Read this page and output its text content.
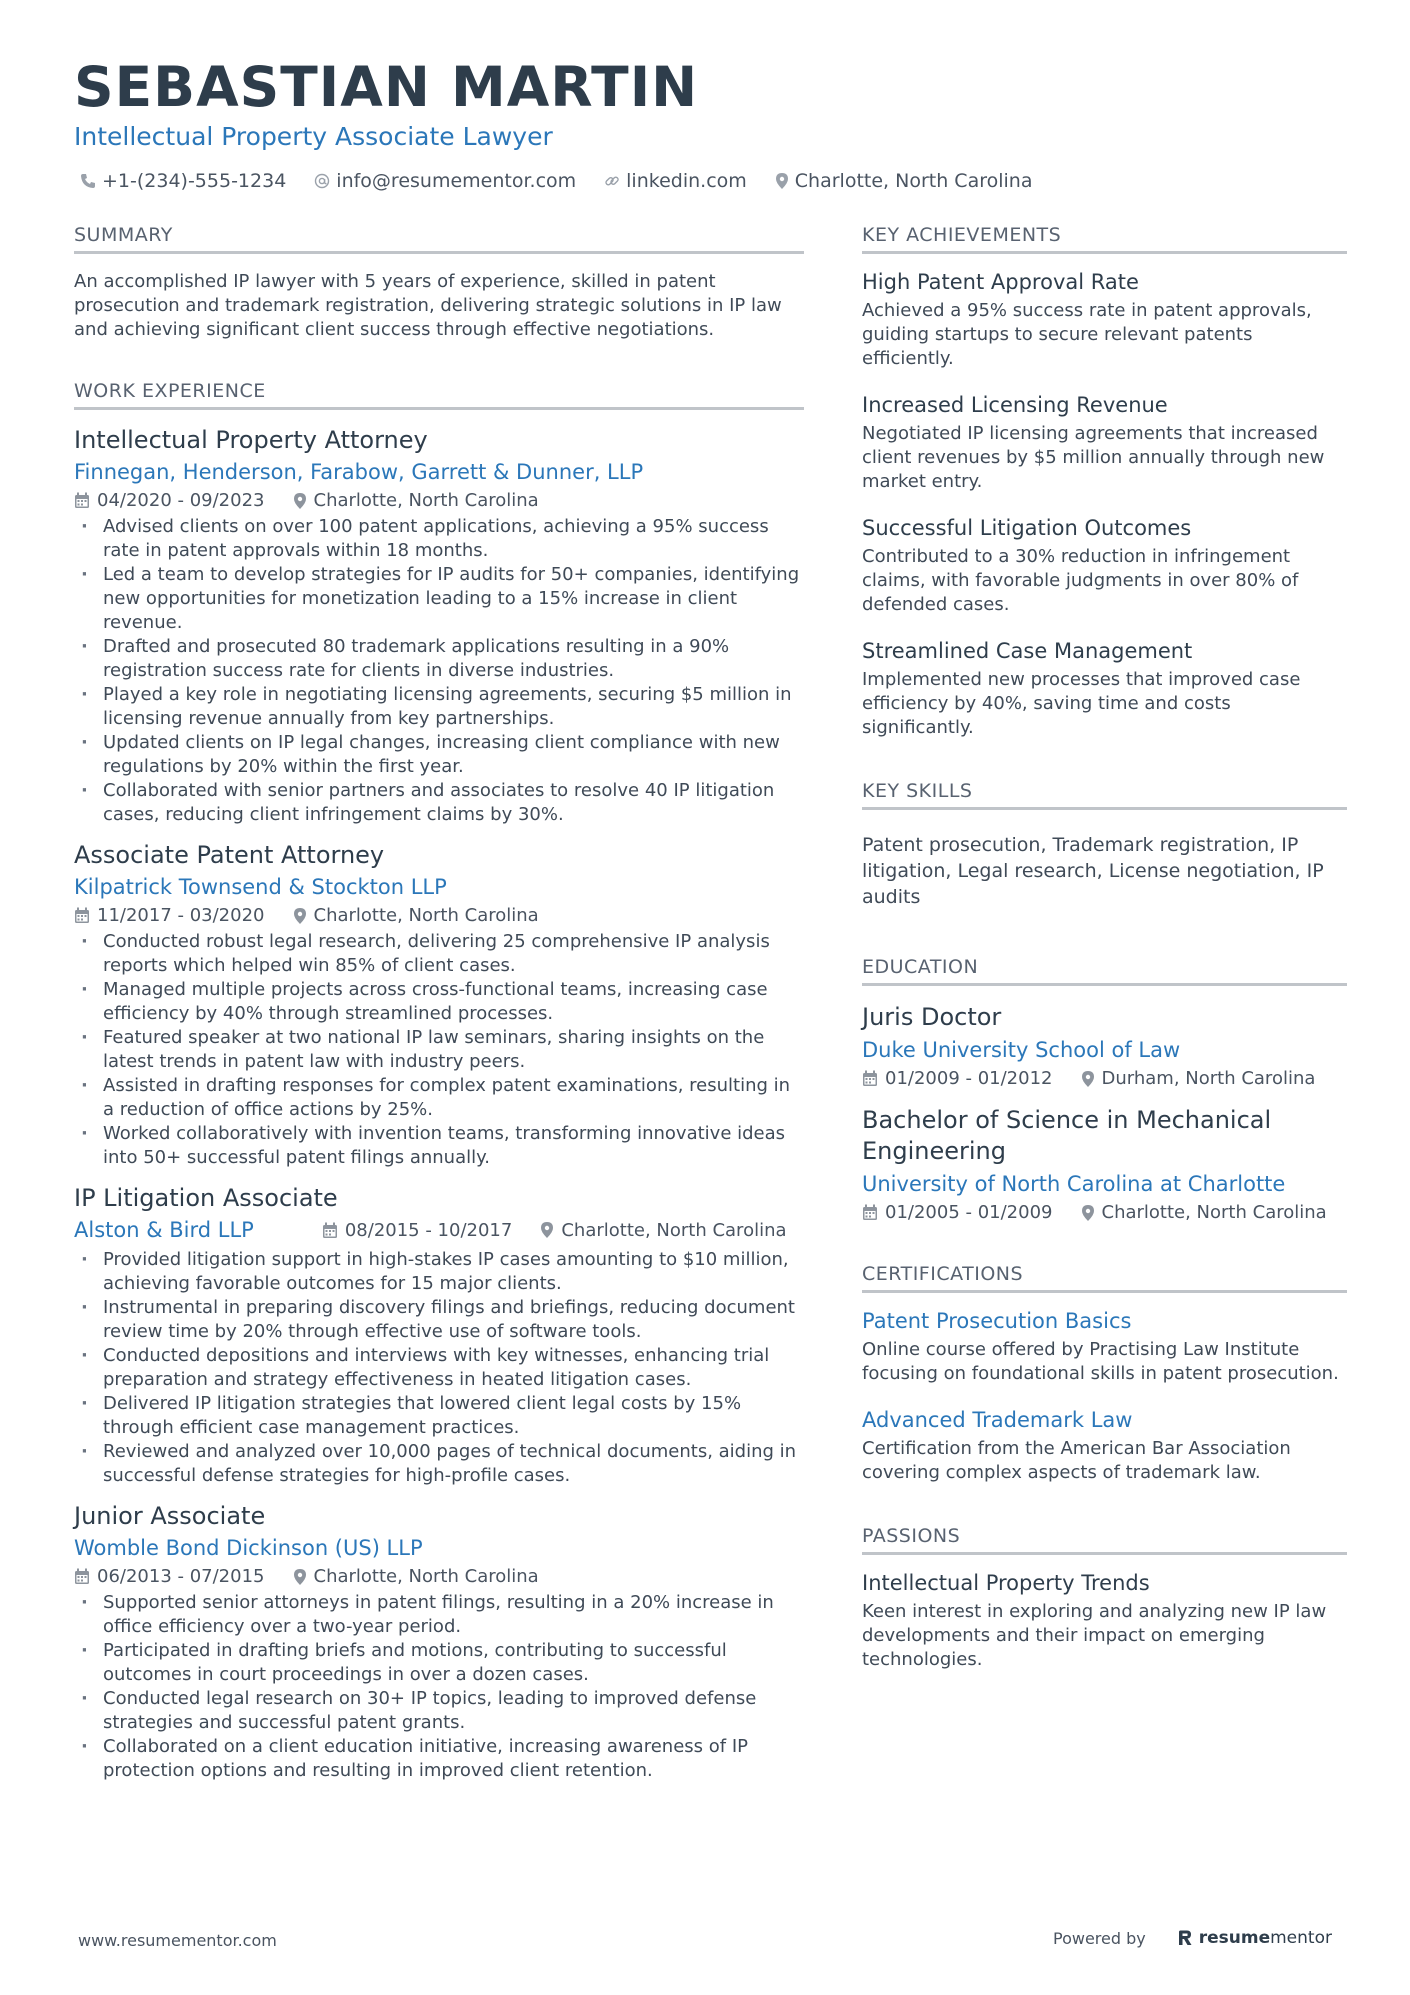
SEBASTIAN MARTIN
Intellectual Property Associate Lawyer
+1-(234)-555-1234	info@resumementor.com	linkedin.com	Charlotte, North Carolina
SUMMARY
An accomplished IP lawyer with 5 years of experience, skilled in patent prosecution and trademark registration, delivering strategic solutions in IP law and achieving significant client success through effective negotiations.
WORK EXPERIENCE
Intellectual Property Attorney
Finnegan, Henderson, Farabow, Garrett & Dunner, LLP
04/2020 - 09/2023	Charlotte, North Carolina
· Advised clients on over 100 patent applications, achieving a 95% success rate in patent approvals within 18 months.
· Led a team to develop strategies for IP audits for 50+ companies, identifying new opportunities for monetization leading to a 15% increase in client revenue.
· Drafted and prosecuted 80 trademark applications resulting in a 90% registration success rate for clients in diverse industries.
· Played a key role in negotiating licensing agreements, securing $5 million in licensing revenue annually from key partnerships.
· Updated clients on IP legal changes, increasing client compliance with new regulations by 20% within the first year.
· Collaborated with senior partners and associates to resolve 40 IP litigation cases, reducing client infringement claims by 30%.
Associate Patent Attorney
Kilpatrick Townsend & Stockton LLP
11/2017 - 03/2020	Charlotte, North Carolina
· Conducted robust legal research, delivering 25 comprehensive IP analysis reports which helped win 85% of client cases.
· Managed multiple projects across cross-functional teams, increasing case efficiency by 40% through streamlined processes.
· Featured speaker at two national IP law seminars, sharing insights on the latest trends in patent law with industry peers.
· Assisted in drafting responses for complex patent examinations, resulting in a reduction of office actions by 25%.
· Worked collaboratively with invention teams, transforming innovative ideas into 50+ successful patent filings annually.
IP Litigation Associate
Alston & Bird LLP	08/2015 - 10/2017	Charlotte, North Carolina
· Provided litigation support in high-stakes IP cases amounting to $10 million, achieving favorable outcomes for 15 major clients.
· Instrumental in preparing discovery filings and briefings, reducing document review time by 20% through effective use of software tools.
· Conducted depositions and interviews with key witnesses, enhancing trial preparation and strategy effectiveness in heated litigation cases.
· Delivered IP litigation strategies that lowered client legal costs by 15% through efficient case management practices.
· Reviewed and analyzed over 10,000 pages of technical documents, aiding in successful defense strategies for high-profile cases.
Junior Associate
Womble Bond Dickinson (US) LLP
06/2013 - 07/2015	Charlotte, North Carolina
· Supported senior attorneys in patent filings, resulting in a 20% increase in office efficiency over a two-year period.
· Participated in drafting briefs and motions, contributing to successful outcomes in court proceedings in over a dozen cases.
· Conducted legal research on 30+ IP topics, leading to improved defense strategies and successful patent grants.
· Collaborated on a client education initiative, increasing awareness of IP protection options and resulting in improved client retention.
KEY ACHIEVEMENTS
High Patent Approval Rate
Achieved a 95% success rate in patent approvals, guiding startups to secure relevant patents efficiently.
Increased Licensing Revenue
Negotiated IP licensing agreements that increased client revenues by $5 million annually through new market entry.
Successful Litigation Outcomes
Contributed to a 30% reduction in infringement claims, with favorable judgments in over 80% of defended cases.
Streamlined Case Management
Implemented new processes that improved case efficiency by 40%, saving time and costs significantly.
KEY SKILLS
Patent prosecution, Trademark registration, IP litigation, Legal research, License negotiation, IP audits
EDUCATION
Juris Doctor
Duke University School of Law
01/2009 - 01/2012	Durham, North Carolina
Bachelor of Science in Mechanical Engineering
University of North Carolina at Charlotte
01/2005 - 01/2009	Charlotte, North Carolina
CERTIFICATIONS
Patent Prosecution Basics
Online course offered by Practising Law Institute focusing on foundational skills in patent prosecution.
Advanced Trademark Law
Certification from the American Bar Association covering complex aspects of trademark law.
PASSIONS
Intellectual Property Trends
Keen interest in exploring and analyzing new IP law developments and their impact on emerging technologies.
www.resumementor.com	Powered by	resume mentor
